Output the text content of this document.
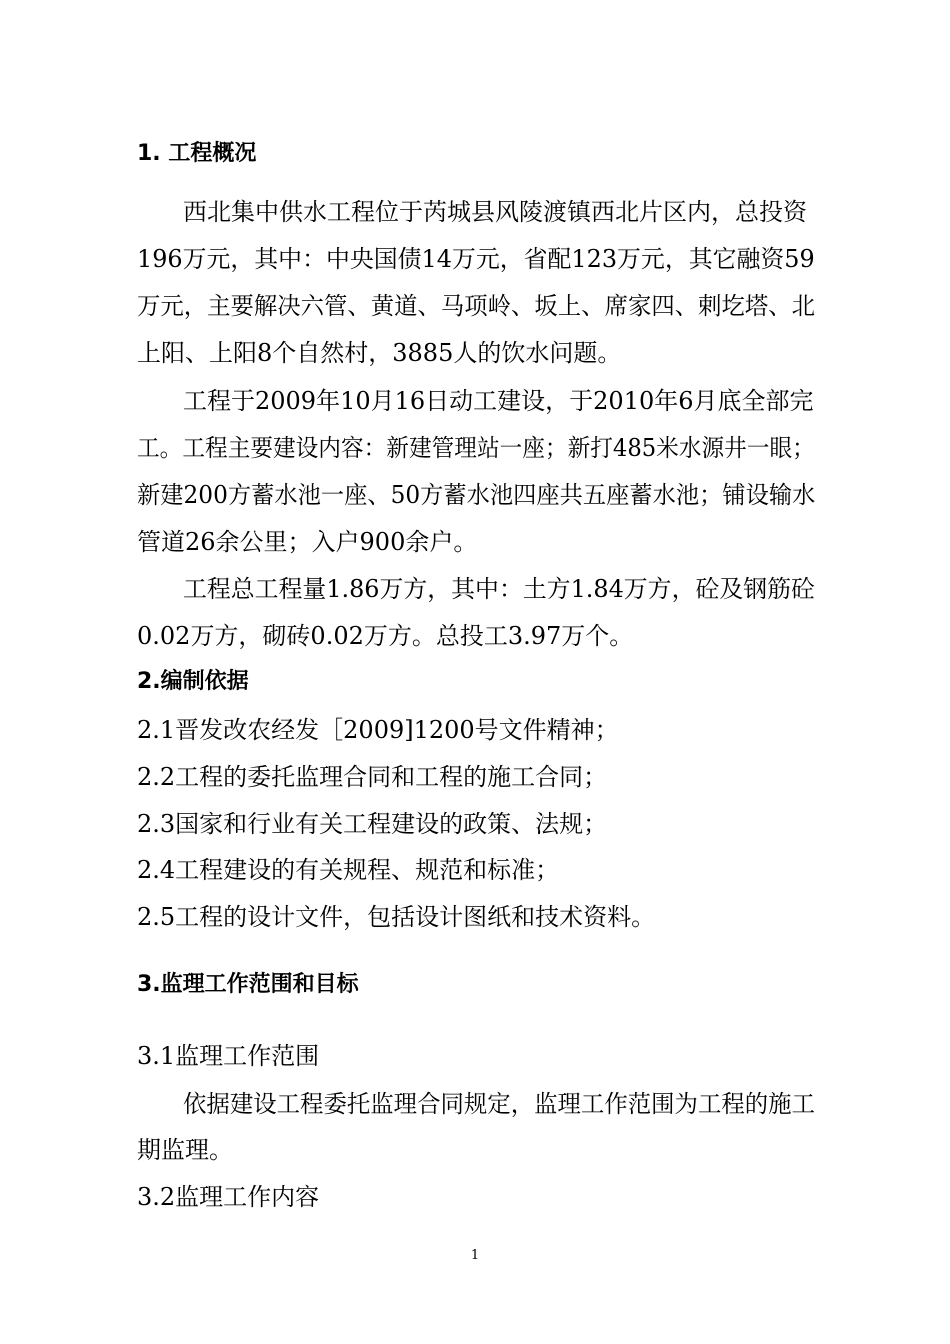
1. 工程概况
西北集中供水工程位于芮城县风陵渡镇西北片区内，总投资
196万元，其中：中央国债14万元，省配123万元，其它融资59
万元，主要解决六管、黄道、马项岭、坂上、席家四、剌圪塔、北
上阳、上阳8个自然村，3885人的饮水问题。
工程于2009年10月16日动工建设，于2010年6月底全部完
工。工程主要建设内容：新建管理站一座；新打485米水源井一眼；
新建200方蓄水池一座、50方蓄水池四座共五座蓄水池；铺设输水
管道26余公里；入户900余户。
工程总工程量1.86万方，其中：土方1.84万方，砼及钢筋砼
0.02万方，砌砖0.02万方。总投工3.97万个。
2.编制依据
2.1晋发改农经发［2009]1200号文件精神；
2.2工程的委托监理合同和工程的施工合同；
2.3国家和行业有关工程建设的政策、法规；
2.4工程建设的有关规程、规范和标准；
2.5工程的设计文件，包括设计图纸和技术资料。
3.监理工作范围和目标
3.1监理工作范围
依据建设工程委托监理合同规定，监理工作范围为工程的施工
期监理。
3.2监理工作内容
1
